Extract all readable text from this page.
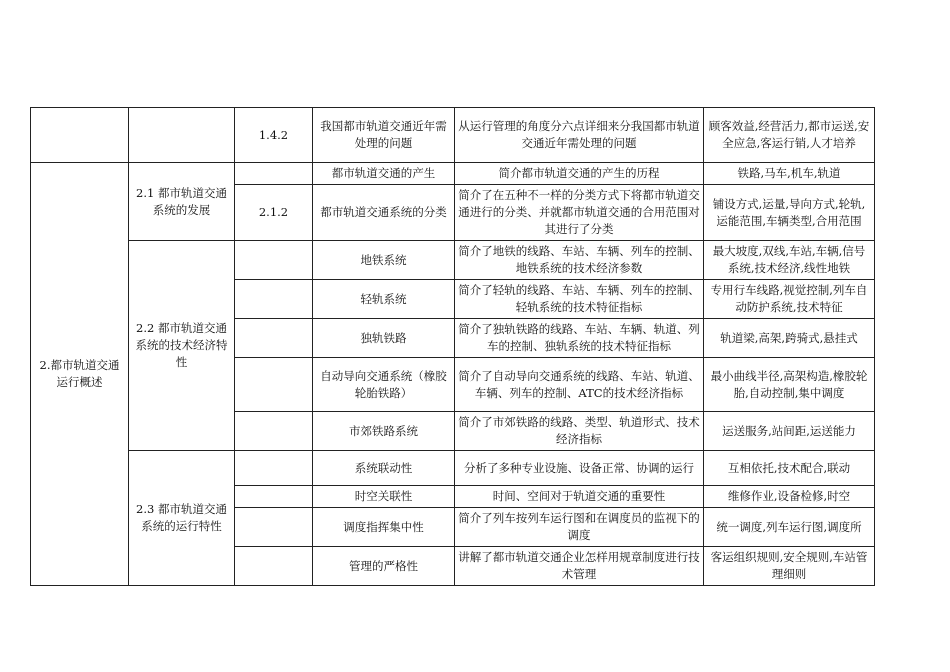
		1.4.2	我国都市轨道交通近年需处理的问题	从运行管理的角度分六点详细来分我国都市轨道交通近年需处理的问题	顾客效益,经营活力,都市运送,安全应急,客运行销,人才培养
2.都市轨道交通运行概述	2.1 都市轨道交通系统的发展		都市轨道交通的产生	简介都市轨道交通的产生的历程	铁路,马车,机车,轨道
		2.1.2	都市轨道交通系统的分类	简介了在五种不一样的分类方式下将都市轨道交通进行的分类、并就都市轨道交通的合用范围对其进行了分类	铺设方式,运量,导向方式,轮轨,运能范围,车辆类型,合用范围
	2.2 都市轨道交通系统的技术经济特性		地铁系统	简介了地铁的线路、车站、车辆、列车的控制、地铁系统的技术经济参数	最大坡度,双线,车站,车辆,信号系统,技术经济,线性地铁
			轻轨系统	简介了轻轨的线路、车站、车辆、列车的控制、轻轨系统的技术特征指标	专用行车线路,视觉控制,列车自动防护系统,技术特征
			独轨铁路	简介了独轨铁路的线路、车站、车辆、轨道、列车的控制、独轨系统的技术特征指标	轨道梁,高架,跨骑式,悬挂式
			自动导向交通系统（橡胶轮胎铁路）	简介了自动导向交通系统的线路、车站、轨道、车辆、列车的控制、ATC的技术经济指标	最小曲线半径,高架构造,橡胶轮胎,自动控制,集中调度
			市郊铁路系统	简介了市郊铁路的线路、类型、轨道形式、技术经济指标	运送服务,站间距,运送能力
	2.3 都市轨道交通系统的运行特性		系统联动性	分析了多种专业设施、设备正常、协调的运行	互相依托,技术配合,联动
			时空关联性	时间、空间对于轨道交通的重要性	维修作业,设备检修,时空
			调度指挥集中性	简介了列车按列车运行图和在调度员的监视下的调度	统一调度,列车运行图,调度所
			管理的严格性	讲解了都市轨道交通企业怎样用规章制度进行技术管理	客运组织规则,安全规则,车站管理细则
